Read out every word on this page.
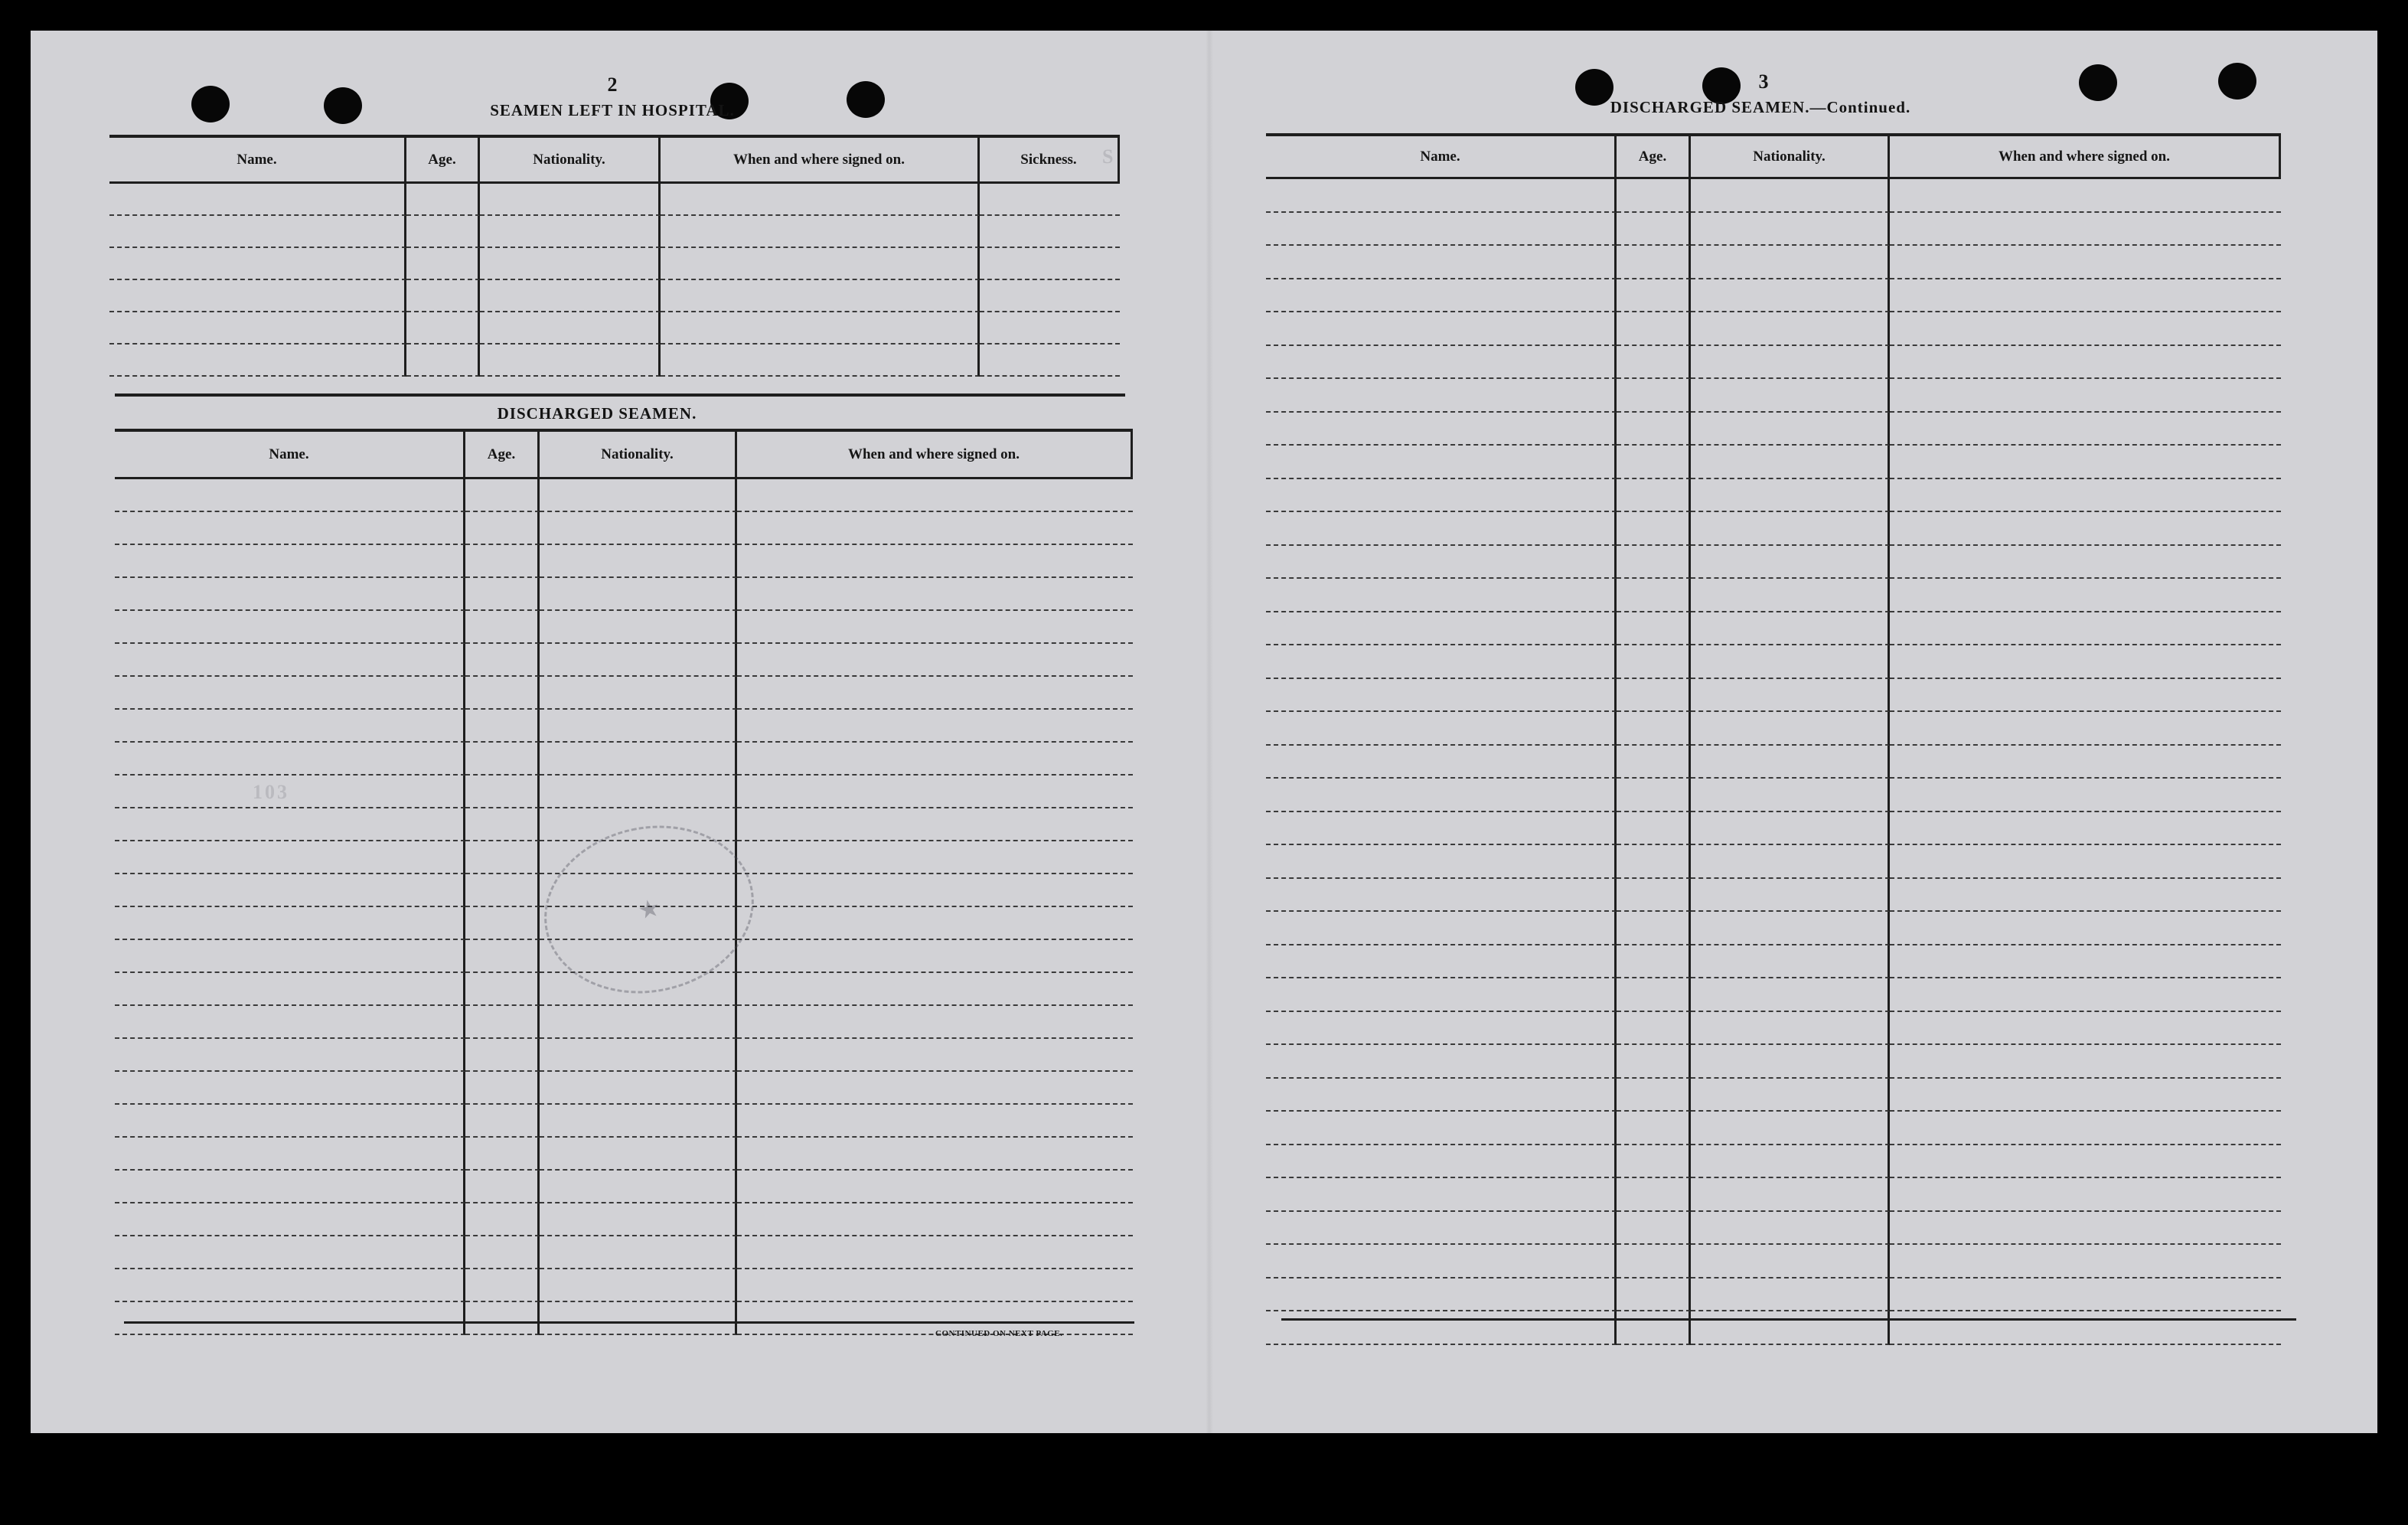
S
103
2
SEAMEN LEFT IN HOSPITAL.
Name.	Age.	Nationality.	When and where signed on.	Sickness.
DISCHARGED SEAMEN.
Name.	Age.	Nationality.	When and where signed on.
CONTINUED ON NEXT PAGE.
★
3
DISCHARGED SEAMEN.—Continued.
Name.	Age.	Nationality.	When and where signed on.
